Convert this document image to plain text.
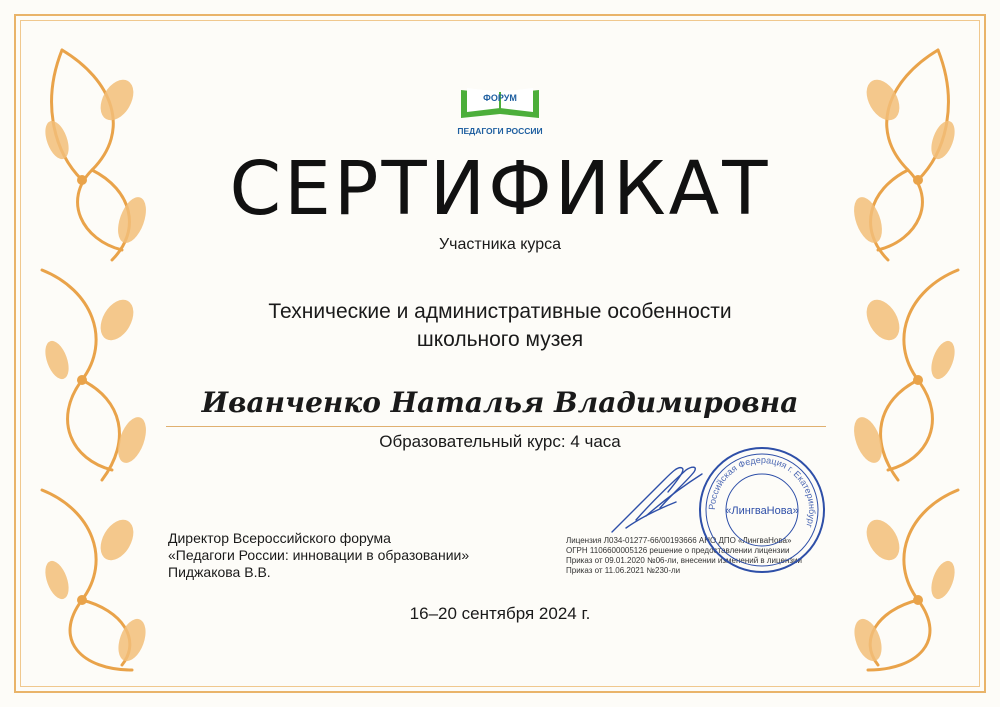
ФОРУМ
ПЕДАГОГИ РОССИИ
СЕРТИФИКАТ
Участника курса
Технические и административные особенности
школьного музея
Иванченко Наталья Владимировна
Образовательный курс: 4 часа
Директор Всероссийского форума
«Педагоги России: инновации в образовании»
Пиджакова В.В.
Лицензия Л034-01277-66/00193666 АНО ДПО «ЛингваНова»
ОГРН 1106600005126 решение о предоставлении лицензии
Приказ от 09.01.2020 №06-ли, внесении изменений в лицензии
Приказ от 11.06.2021 №230-ли
Российская Федерация г. Екатеринбург
«ЛингваНова»
16–20 сентября 2024 г.
